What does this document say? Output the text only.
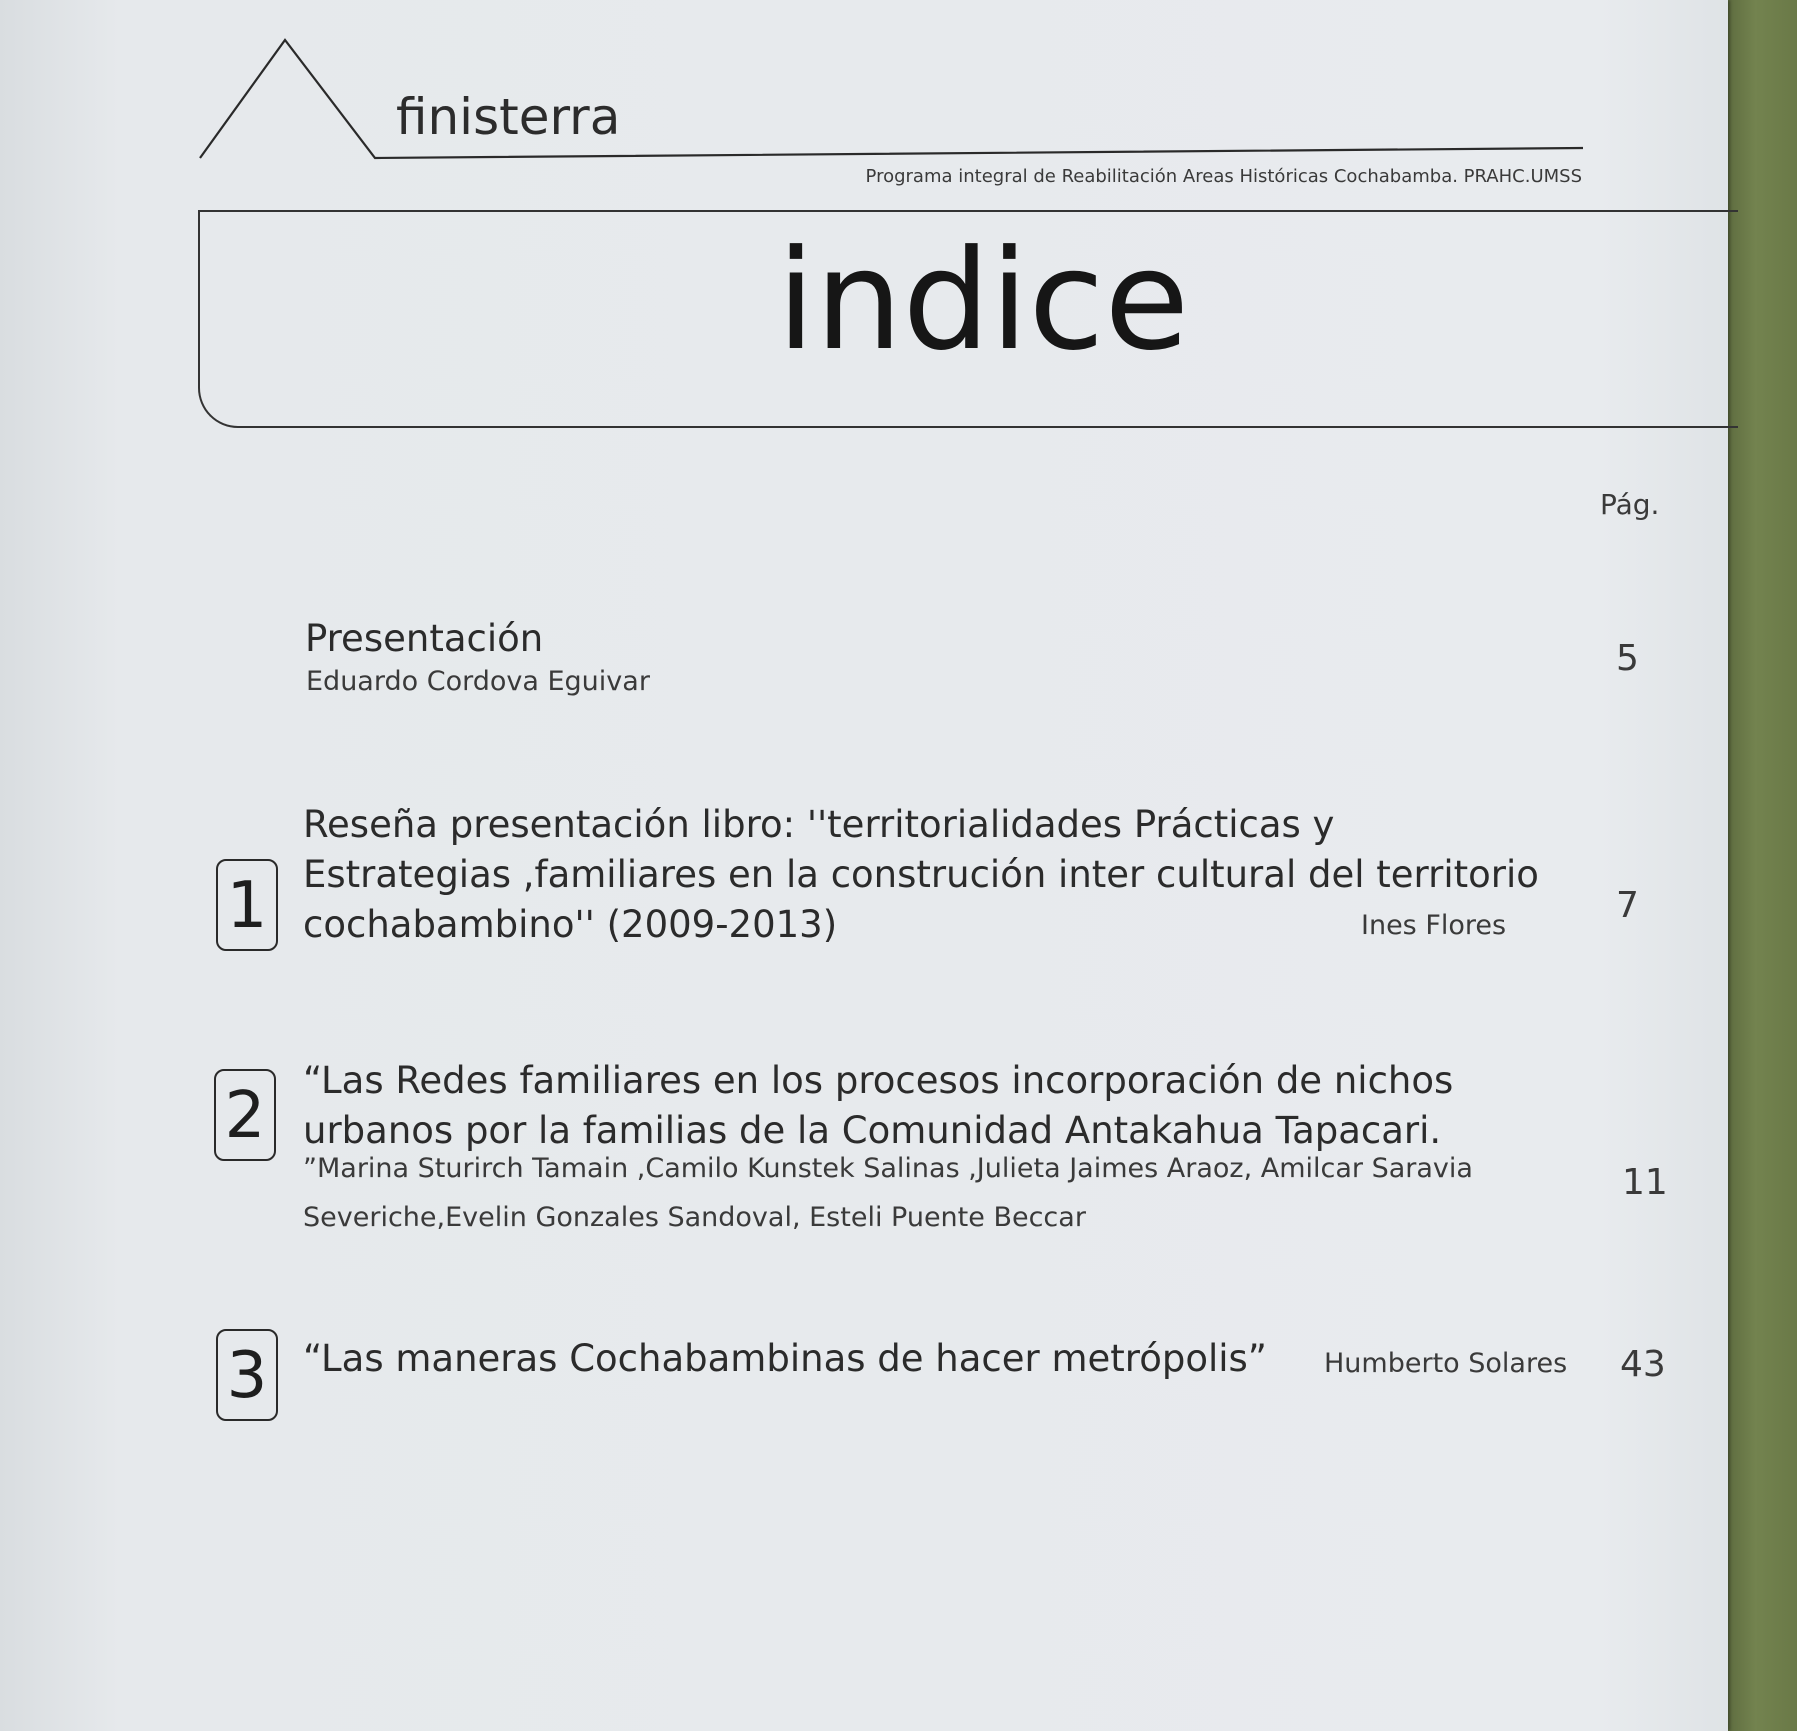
finisterra
Programa integral de Reabilitación Areas Históricas Cochabamba. PRAHC.UMSS
indice
Pág.
Presentación
Eduardo Cordova Eguivar
5
1
Reseña presentación libro: ''territorialidades Prácticas y
Estrategias ,familiares en la construción inter cultural del territorio
cochabambino'' (2009-2013)	Ines Flores	7
2 “Las Redes familiares en los procesos incorporación de nichos
urbanos por la familias de la Comunidad Antakahua Tapacari.
”Marina Sturirch Tamain ,Camilo Kunstek Salinas ,Julieta Jaimes Araoz, Amilcar Saravia
Severiche,Evelin Gonzales Sandoval, Esteli Puente Beccar
11
3 “Las maneras Cochabambinas de hacer metrópolis” Humberto Solares 43
